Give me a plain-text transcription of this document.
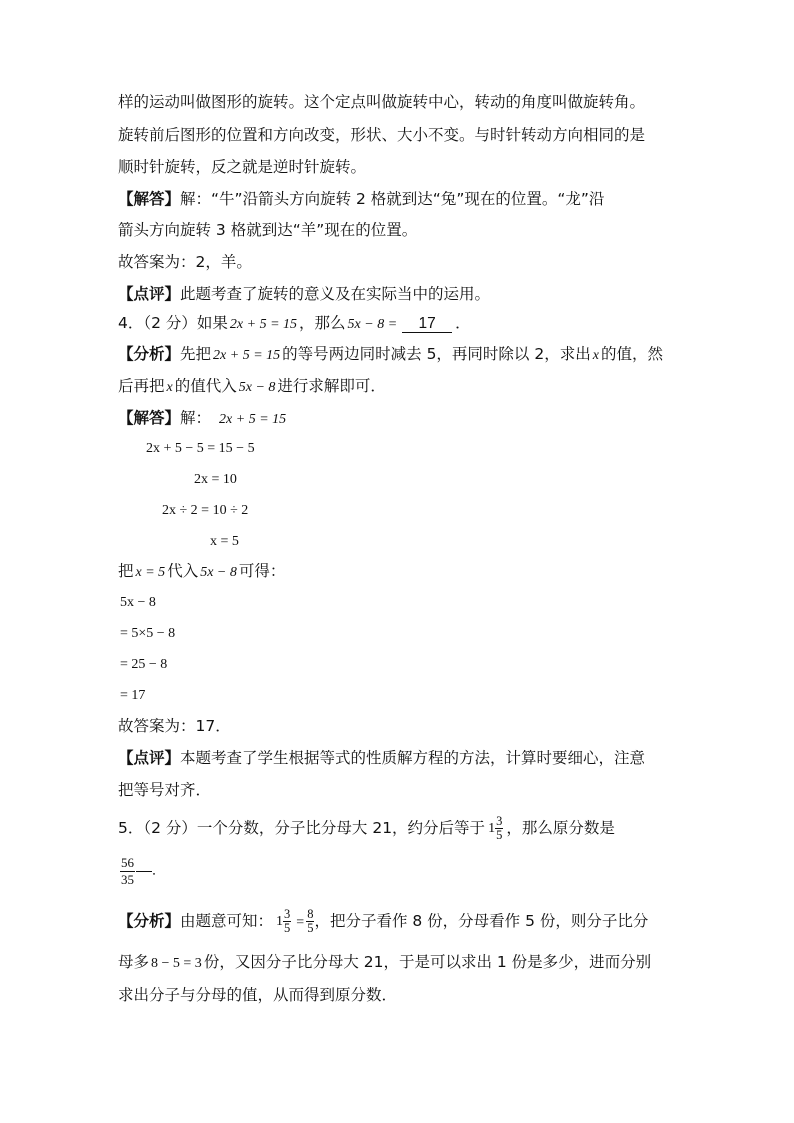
样的运动叫做图形的旋转。这个定点叫做旋转中心，转动的角度叫做旋转角。
旋转前后图形的位置和方向改变，形状、大小不变。与时针转动方向相同的是
顺时针旋转，反之就是逆时针旋转。
【解答】解：“牛”沿箭头方向旋转 2 格就到达“兔”现在的位置。“龙”沿
箭头方向旋转 3 格就到达“羊”现在的位置。
故答案为：2，羊。
【点评】此题考查了旋转的意义及在实际当中的运用。
4．（2 分）如果 2x + 5 = 15 ，那么 5x − 8 = 17 ．
【分析】先把 2x + 5 = 15 的等号两边同时减去 5，再同时除以 2，求出 x 的值，然
后再把 x 的值代入 5x − 8 进行求解即可．
【解答】解： 2x + 5 = 15
2x + 5 − 5 = 15 − 5
2x = 10
2x ÷ 2 = 10 ÷ 2
x = 5
把 x = 5 代入 5x − 8 可得：
5x − 8
= 5×5 − 8
= 25 − 8
= 17
故答案为：17．
【点评】本题考查了学生根据等式的性质解方程的方法，计算时要细心，注意
把等号对齐．
5．（2 分）一个分数，分子比分母大 21，约分后等于 $1 \frac{3}{5}$ ，那么原分数是
$\frac{56}{35}$ ．
【分析】由题意可知： $1 \frac{3}{5} = \frac{8}{5}$ ，把分子看作 8 份，分母看作 5 份，则分子比分
母多 8 − 5 = 3 份，又因分子比分母大 21，于是可以求出 1 份是多少，进而分别
求出分子与分母的值，从而得到原分数．
